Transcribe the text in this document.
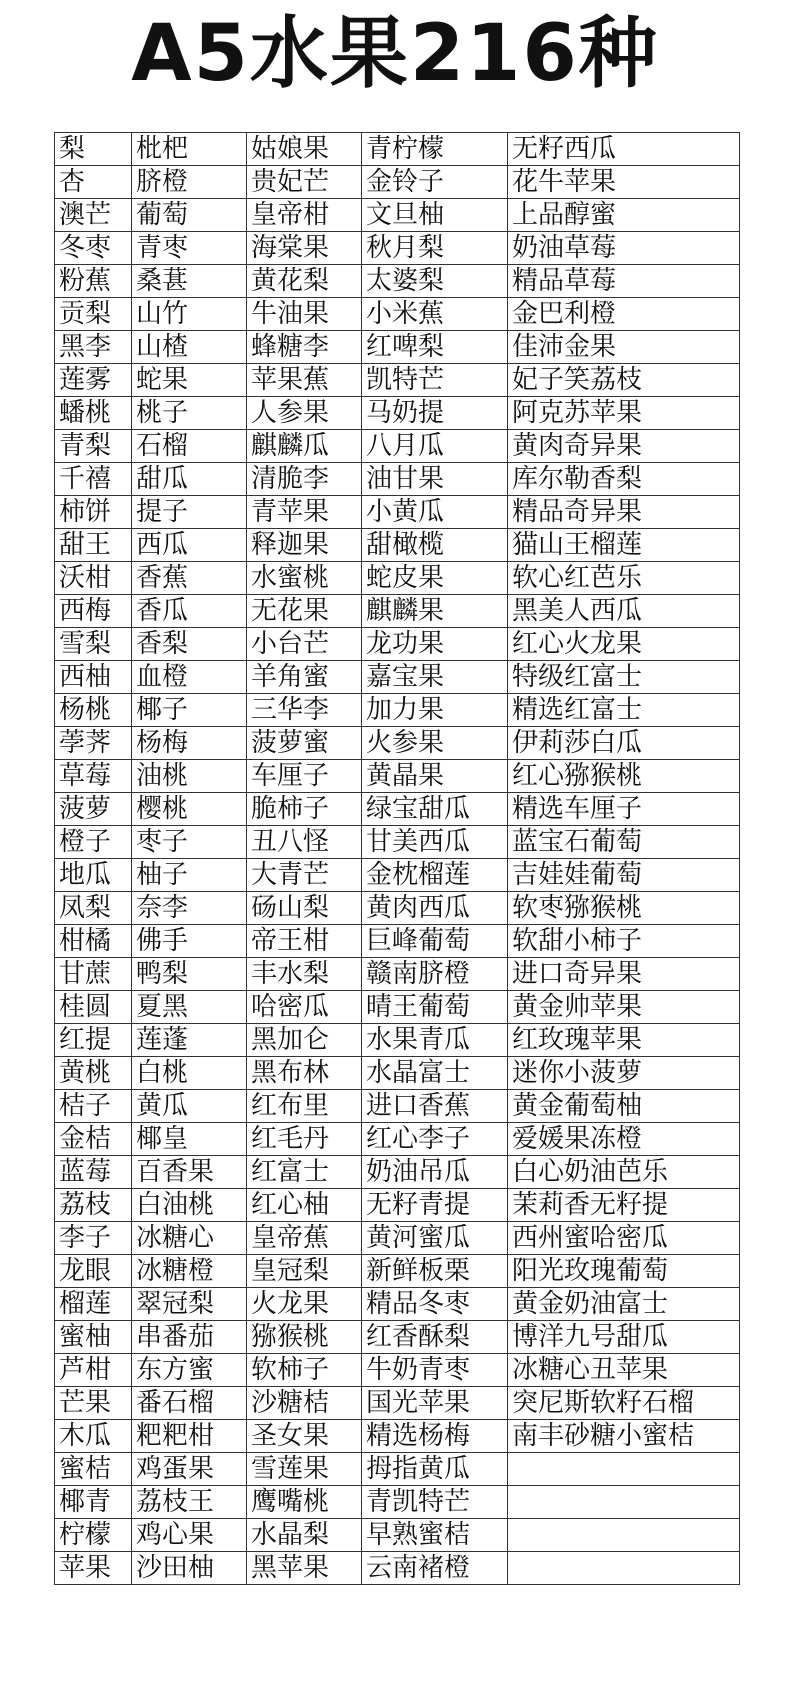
A5水果216种
梨	枇杷	姑娘果	青柠檬	无籽西瓜
杏	脐橙	贵妃芒	金铃子	花牛苹果
澳芒	葡萄	皇帝柑	文旦柚	上品醇蜜
冬枣	青枣	海棠果	秋月梨	奶油草莓
粉蕉	桑葚	黄花梨	太婆梨	精品草莓
贡梨	山竹	牛油果	小米蕉	金巴利橙
黑李	山楂	蜂糖李	红啤梨	佳沛金果
莲雾	蛇果	苹果蕉	凯特芒	妃子笑荔枝
蟠桃	桃子	人参果	马奶提	阿克苏苹果
青梨	石榴	麒麟瓜	八月瓜	黄肉奇异果
千禧	甜瓜	清脆李	油甘果	库尔勒香梨
柿饼	提子	青苹果	小黄瓜	精品奇异果
甜王	西瓜	释迦果	甜橄榄	猫山王榴莲
沃柑	香蕉	水蜜桃	蛇皮果	软心红芭乐
西梅	香瓜	无花果	麒麟果	黑美人西瓜
雪梨	香梨	小台芒	龙功果	红心火龙果
西柚	血橙	羊角蜜	嘉宝果	特级红富士
杨桃	椰子	三华李	加力果	精选红富士
荸荠	杨梅	菠萝蜜	火参果	伊莉莎白瓜
草莓	油桃	车厘子	黄晶果	红心猕猴桃
菠萝	樱桃	脆柿子	绿宝甜瓜	精选车厘子
橙子	枣子	丑八怪	甘美西瓜	蓝宝石葡萄
地瓜	柚子	大青芒	金枕榴莲	吉娃娃葡萄
凤梨	奈李	砀山梨	黄肉西瓜	软枣猕猴桃
柑橘	佛手	帝王柑	巨峰葡萄	软甜小柿子
甘蔗	鸭梨	丰水梨	赣南脐橙	进口奇异果
桂圆	夏黑	哈密瓜	晴王葡萄	黄金帅苹果
红提	莲蓬	黑加仑	水果青瓜	红玫瑰苹果
黄桃	白桃	黑布林	水晶富士	迷你小菠萝
桔子	黄瓜	红布里	进口香蕉	黄金葡萄柚
金桔	椰皇	红毛丹	红心李子	爱媛果冻橙
蓝莓	百香果	红富士	奶油吊瓜	白心奶油芭乐
荔枝	白油桃	红心柚	无籽青提	茉莉香无籽提
李子	冰糖心	皇帝蕉	黄河蜜瓜	西州蜜哈密瓜
龙眼	冰糖橙	皇冠梨	新鲜板栗	阳光玫瑰葡萄
榴莲	翠冠梨	火龙果	精品冬枣	黄金奶油富士
蜜柚	串番茄	猕猴桃	红香酥梨	博洋九号甜瓜
芦柑	东方蜜	软柿子	牛奶青枣	冰糖心丑苹果
芒果	番石榴	沙糖桔	国光苹果	突尼斯软籽石榴
木瓜	粑粑柑	圣女果	精选杨梅	南丰砂糖小蜜桔
蜜桔	鸡蛋果	雪莲果	拇指黄瓜	
椰青	荔枝王	鹰嘴桃	青凯特芒	
柠檬	鸡心果	水晶梨	早熟蜜桔	
苹果	沙田柚	黑苹果	云南褚橙	
